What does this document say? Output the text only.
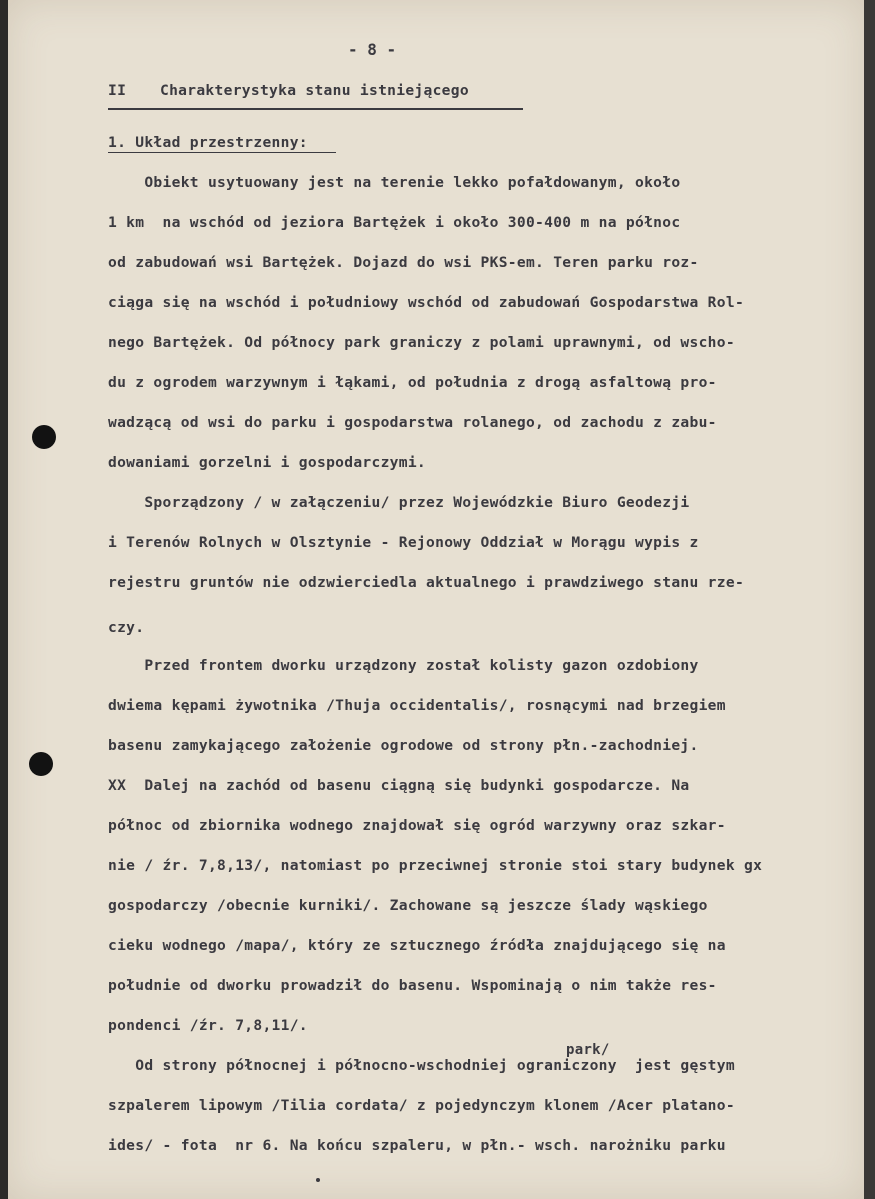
- 8 -
II Charakterystyka stanu istniejącego
1. Układ przestrzenny:
Obiekt usytuowany jest na terenie lekko pofałdowanym, około
1 km  na wschód od jeziora Bartężek i około 300-400 m na północ
od zabudowań wsi Bartężek. Dojazd do wsi PKS-em. Teren parku roz-
ciąga się na wschód i południowy wschód od zabudowań Gospodarstwa Rol-
nego Bartężek. Od północy park graniczy z polami uprawnymi, od wscho-
du z ogrodem warzywnym i łąkami, od południa z drogą asfaltową pro-
wadzącą od wsi do parku i gospodarstwa rolanego, od zachodu z zabu-
dowaniami gorzelni i gospodarczymi.
Sporządzony / w załączeniu/ przez Wojewódzkie Biuro Geodezji
i Terenów Rolnych w Olsztynie - Rejonowy Oddział w Morągu wypis z
rejestru gruntów nie odzwierciedla aktualnego i prawdziwego stanu rze-
czy.
Przed frontem dworku urządzony został kolisty gazon ozdobiony
dwiema kępami żywotnika /Thuja occidentalis/, rosnącymi nad brzegiem
basenu zamykającego założenie ogrodowe od strony płn.-zachodniej.
XX  Dalej na zachód od basenu ciągną się budynki gospodarcze. Na
północ od zbiornika wodnego znajdował się ogród warzywny oraz szkar-
nie / źr. 7,8,13/, natomiast po przeciwnej stronie stoi stary budynek gx
gospodarczy /obecnie kurniki/. Zachowane są jeszcze ślady wąskiego
cieku wodnego /mapa/, który ze sztucznego źródła znajdującego się na
południe od dworku prowadził do basenu. Wspominają o nim także res-
pondenci /źr. 7,8,11/.
Od strony północnej i północno-wschodniej ograniczony  jest gęstym
szpalerem lipowym /Tilia cordata/ z pojedynczym klonem /Acer platano-
ides/ - fota  nr 6. Na końcu szpaleru, w płn.- wsch. narożniku parku
park/
